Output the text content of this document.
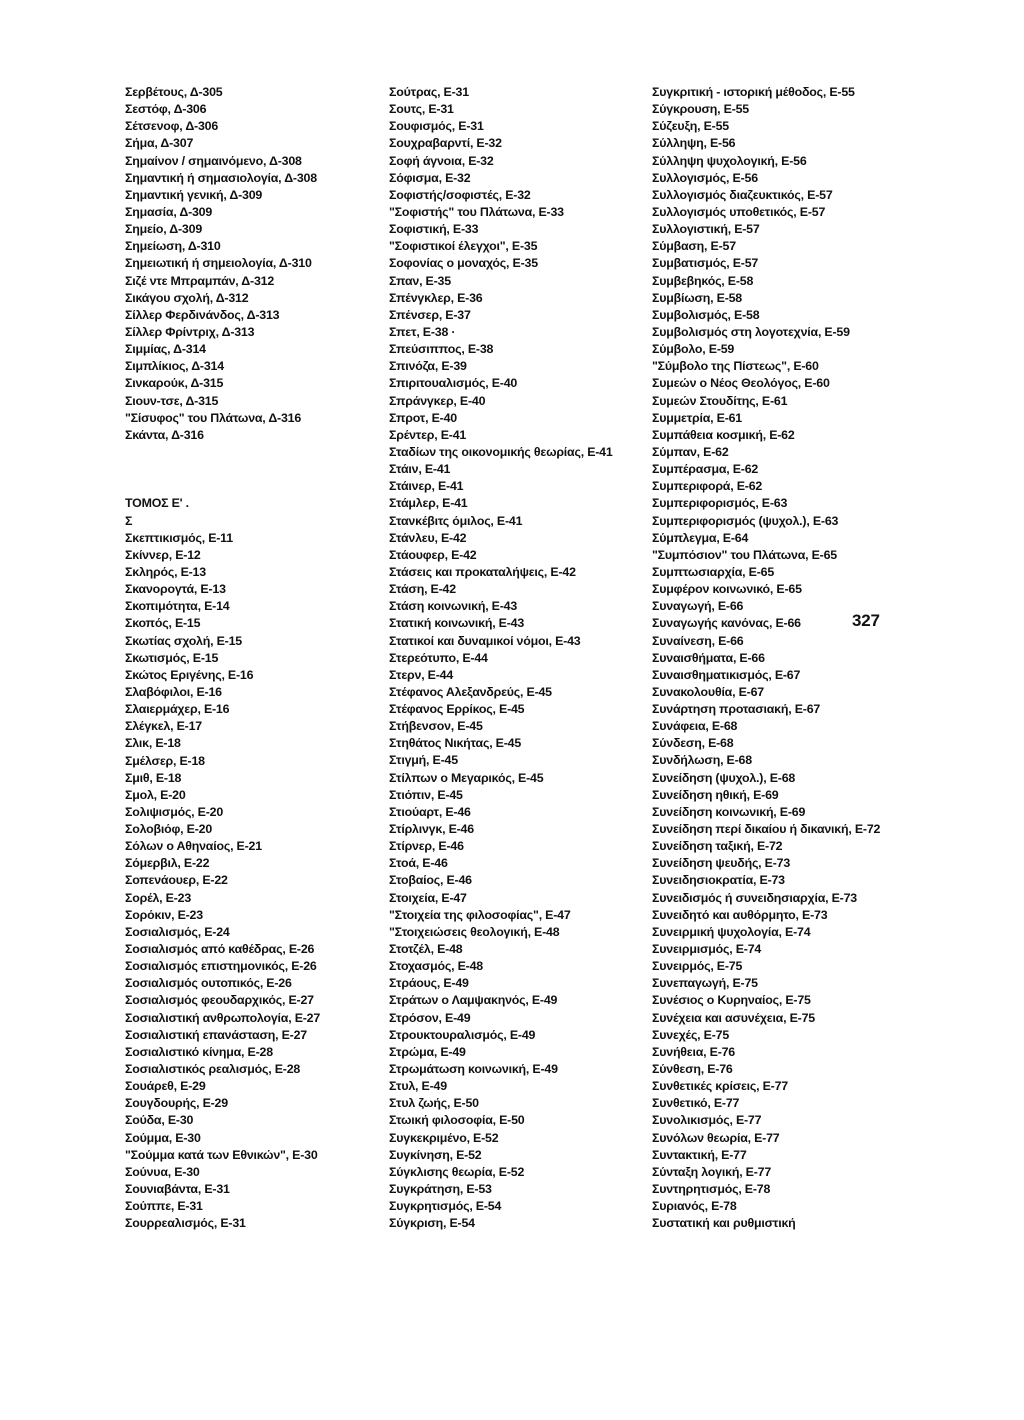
Σερβέτους, Δ-305
Σεστόφ, Δ-306
Σέτσενοφ, Δ-306
Σήμα, Δ-307
Σημαίνον / σημαινόμενο, Δ-308
Σημαντική ή σημασιολογία, Δ-308
Σημαντική γενική, Δ-309
Σημασία, Δ-309
Σημείο, Δ-309
Σημείωση, Δ-310
Σημειωτική ή σημειολογία, Δ-310
Σιζέ ντε Μπραμπάν, Δ-312
Σικάγου σχολή, Δ-312
Σίλλερ Φερδινάνδος, Δ-313
Σίλλερ Φρίντριχ, Δ-313
Σιμμίας, Δ-314
Σιμπλίκιος, Δ-314
Σινκαρούκ, Δ-315
Σιουν-τσε, Δ-315
"Σίσυφος" του Πλάτωνα, Δ-316
Σκάντα, Δ-316
ΤΟΜΟΣ Ε' .
Σ
Σκεπτικισμός, Ε-11
Σκίννερ, Ε-12
Σκληρός, Ε-13
Σκανορογτά, Ε-13
Σκοπιμότητα, Ε-14
Σκοπός, Ε-15
Σκωτίας σχολή, Ε-15
Σκωτισμός, Ε-15
Σκώτος Εριγένης, Ε-16
Σλαβόφιλοι, Ε-16
Σλαιερμάχερ, Ε-16
Σλέγκελ, Ε-17
Σλικ, Ε-18
Σμέλσερ, Ε-18
Σμιθ, Ε-18
Σμολ, Ε-20
Σολιψισμός, Ε-20
Σολοβιόφ, Ε-20
Σόλων ο Αθηναίος, Ε-21
Σόμερβιλ, Ε-22
Σοπενάουερ, Ε-22
Σορέλ, Ε-23
Σορόκιν, Ε-23
Σοσιαλισμός, Ε-24
Σοσιαλισμός από καθέδρας, Ε-26
Σοσιαλισμός επιστημονικός, Ε-26
Σοσιαλισμός ουτοπικός, Ε-26
Σοσιαλισμός φεουδαρχικός, Ε-27
Σοσιαλιστική ανθρωπολογία, Ε-27
Σοσιαλιστική επανάσταση, Ε-27
Σοσιαλιστικό κίνημα, Ε-28
Σοσιαλιστικός ρεαλισμός, Ε-28
Σουάρεθ, Ε-29
Σουγδουρής, Ε-29
Σούδα, Ε-30
Σούμμα, Ε-30
"Σούμμα κατά των Εθνικών", Ε-30
Σούνυα, Ε-30
Σουνιαβάντα, Ε-31
Σούππε, Ε-31
Σουρρεαλισμός, Ε-31
Σούτρας, Ε-31
Σουτς, Ε-31
Σουφισμός, Ε-31
Σουχραβαρντί, Ε-32
Σοφή άγνοια, Ε-32
Σόφισμα, Ε-32
Σοφιστής/σοφιστές, Ε-32
"Σοφιστής" του Πλάτωνα, Ε-33
Σοφιστική, Ε-33
"Σοφιστικοί έλεγχοι", Ε-35
Σοφονίας ο μοναχός, Ε-35
Σπαν, Ε-35
Σπένγκλερ, Ε-36
Σπένσερ, Ε-37
Σπετ, Ε-38 ·
Σπεύσιππος, Ε-38
Σπινόζα, Ε-39
Σπιριτουαλισμός, Ε-40
Σπράνγκερ, Ε-40
Σπροτ, Ε-40
Σρέντερ, Ε-41
Σταδίων της οικονομικής θεωρίας, Ε-41
Στάιν, Ε-41
Στάινερ, Ε-41
Στάμλερ, Ε-41
Στανκέβιτς όμιλος, Ε-41
Στάνλευ, Ε-42
Στάουφερ, Ε-42
Στάσεις και προκαταλήψεις, Ε-42
Στάση, Ε-42
Στάση κοινωνική, Ε-43
Στατική κοινωνική, Ε-43
Στατικοί και δυναμικοί νόμοι, Ε-43
Στερεότυπο, Ε-44
Στερν, Ε-44
Στέφανος Αλεξανδρεύς, Ε-45
Στέφανος Ερρίκος, Ε-45
Στήβενσον, Ε-45
Στηθάτος Νικήτας, Ε-45
Στιγμή, Ε-45
Στίλπων ο Μεγαρικός, Ε-45
Στιόπιν, Ε-45
Στιούαρτ, Ε-46
Στίρλινγκ, Ε-46
Στίρνερ, Ε-46
Στοά, Ε-46
Στοβαίος, Ε-46
Στοιχεία, Ε-47
"Στοιχεία της φιλοσοφίας", Ε-47
"Στοιχειώσεις θεολογική, Ε-48
Στοτζέλ, Ε-48
Στοχασμός, Ε-48
Στράους, Ε-49
Στράτων ο Λαμψακηνός, Ε-49
Στρόσον, Ε-49
Στρουκτουραλισμός, Ε-49
Στρώμα, Ε-49
Στρωμάτωση κοινωνική, Ε-49
Στυλ, Ε-49
Στυλ ζωής, Ε-50
Στωική φιλοσοφία, Ε-50
Συγκεκριμένο, Ε-52
Συγκίνηση, Ε-52
Σύγκλισης θεωρία, Ε-52
Συγκράτηση, Ε-53
Συγκρητισμός, Ε-54
Σύγκριση, Ε-54
Συγκριτική - ιστορική μέθοδος, Ε-55
Σύγκρουση, Ε-55
Σύζευξη, Ε-55
Σύλληψη, Ε-56
Σύλληψη ψυχολογική, Ε-56
Συλλογισμός, Ε-56
Συλλογισμός διαζευκτικός, Ε-57
Συλλογισμός υποθετικός, Ε-57
Συλλογιστική, Ε-57
Σύμβαση, Ε-57
Συμβατισμός, Ε-57
Συμβεβηκός, Ε-58
Συμβίωση, Ε-58
Συμβολισμός, Ε-58
Συμβολισμός στη λογοτεχνία, Ε-59
Σύμβολο, Ε-59
"Σύμβολο της Πίστεως", Ε-60
Συμεών ο Νέος Θεολόγος, Ε-60
Συμεών Στουδίτης, Ε-61
Συμμετρία, Ε-61
Συμπάθεια κοσμική, Ε-62
Σύμπαν, Ε-62
Συμπέρασμα, Ε-62
Συμπεριφορά, Ε-62
Συμπεριφορισμός, Ε-63
Συμπεριφορισμός (ψυχολ.), Ε-63
Σύμπλεγμα, Ε-64
"Συμπόσιον" του Πλάτωνα, Ε-65
Συμπτωσιαρχία, Ε-65
Συμφέρον κοινωνικό, Ε-65
Συναγωγή, Ε-66
Συναγωγής κανόνας, Ε-66
Συναίνεση, Ε-66
Συναισθήματα, Ε-66
Συναισθηματικισμός, Ε-67
Συνακολουθία, Ε-67
Συνάρτηση προτασιακή, Ε-67
Συνάφεια, Ε-68
Σύνδεση, Ε-68
Συνδήλωση, Ε-68
Συνείδηση (ψυχολ.), Ε-68
Συνείδηση ηθική, Ε-69
Συνείδηση κοινωνική, Ε-69
Συνείδηση περί δικαίου ή δικανική, Ε-72
Συνείδηση ταξική, Ε-72
Συνείδηση ψευδής, Ε-73
Συνειδησιοκρατία, Ε-73
Συνειδισμός ή συνειδησιαρχία, Ε-73
Συνειδητό και αυθόρμητο, Ε-73
Συνειρμική ψυχολογία, Ε-74
Συνειρμισμός, Ε-74
Συνειρμός, Ε-75
Συνεπαγωγή, Ε-75
Συνέσιος ο Κυρηναίος, Ε-75
Συνέχεια και ασυνέχεια, Ε-75
Συνεχές, Ε-75
Συνήθεια, Ε-76
Σύνθεση, Ε-76
Συνθετικές κρίσεις, Ε-77
Συνθετικό, Ε-77
Συνολικισμός, Ε-77
Συνόλων θεωρία, Ε-77
Συντακτική, Ε-77
Σύνταξη λογική, Ε-77
Συντηρητισμός, Ε-78
Συριανός, Ε-78
Συστατική και ρυθμιστική
327
